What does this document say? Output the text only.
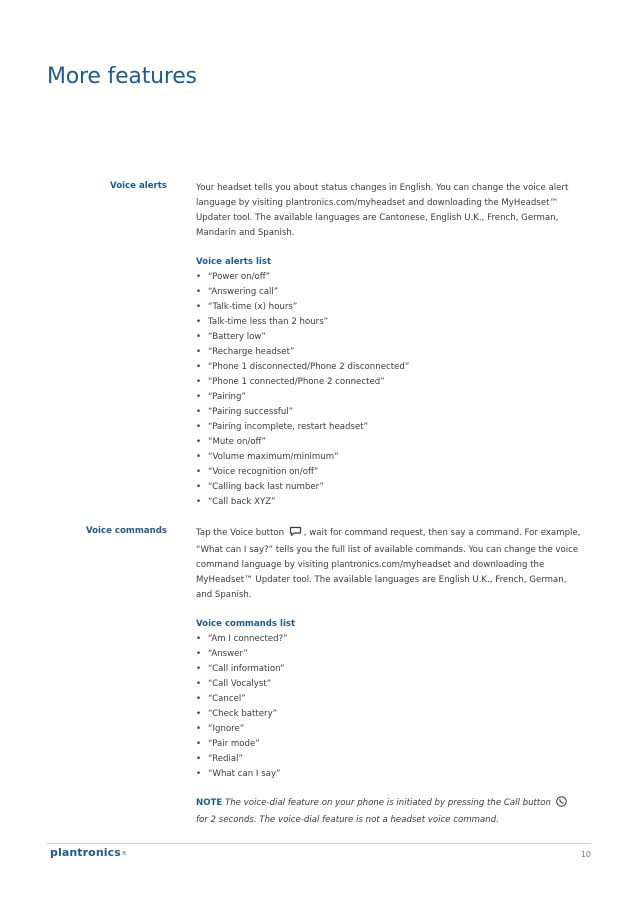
More features
Voice alerts	Your headset tells you about status changes in English. You can change the voice alert language by visiting plantronics.com/myheadset and downloading the MyHeadset™ Updater tool. The available languages are Cantonese, English U.K., French, German, Mandarin and Spanish.

Voice alerts list

• “Power on/off”
• “Answering call”
• “Talk-time (x) hours”
• Talk-time less than 2 hours”
• “Battery low”
• “Recharge headset”
• “Phone 1 disconnected/Phone 2 disconnected”
• “Phone 1 connected/Phone 2 connected”
• “Pairing”
• “Pairing successful”
• “Pairing incomplete, restart headset”
• “Mute on/off”
• “Volume maximum/minimum”
• “Voice recognition on/off”
• “Calling back last number”
• “Call back XYZ”
Voice commands	Tap the Voice button , wait for command request, then say a command. For example, “What can I say?” tells you the full list of available commands. You can change the voice command language by visiting plantronics.com/myheadset and downloading the MyHeadset™ Updater tool. The available languages are English U.K., French, German, and Spanish.

Voice commands list

• “Am I connected?”
• “Answer”
• “Call information”
• “Call Vocalyst”
• “Cancel”
• “Check battery”
• “Ignore”
• “Pair mode”
• “Redial”
• “What can I say”

NOTE The voice-dial feature on your phone is initiated by pressing the Call button  for 2 seconds. The voice-dial feature is not a headset voice command.

plantronics®	10
